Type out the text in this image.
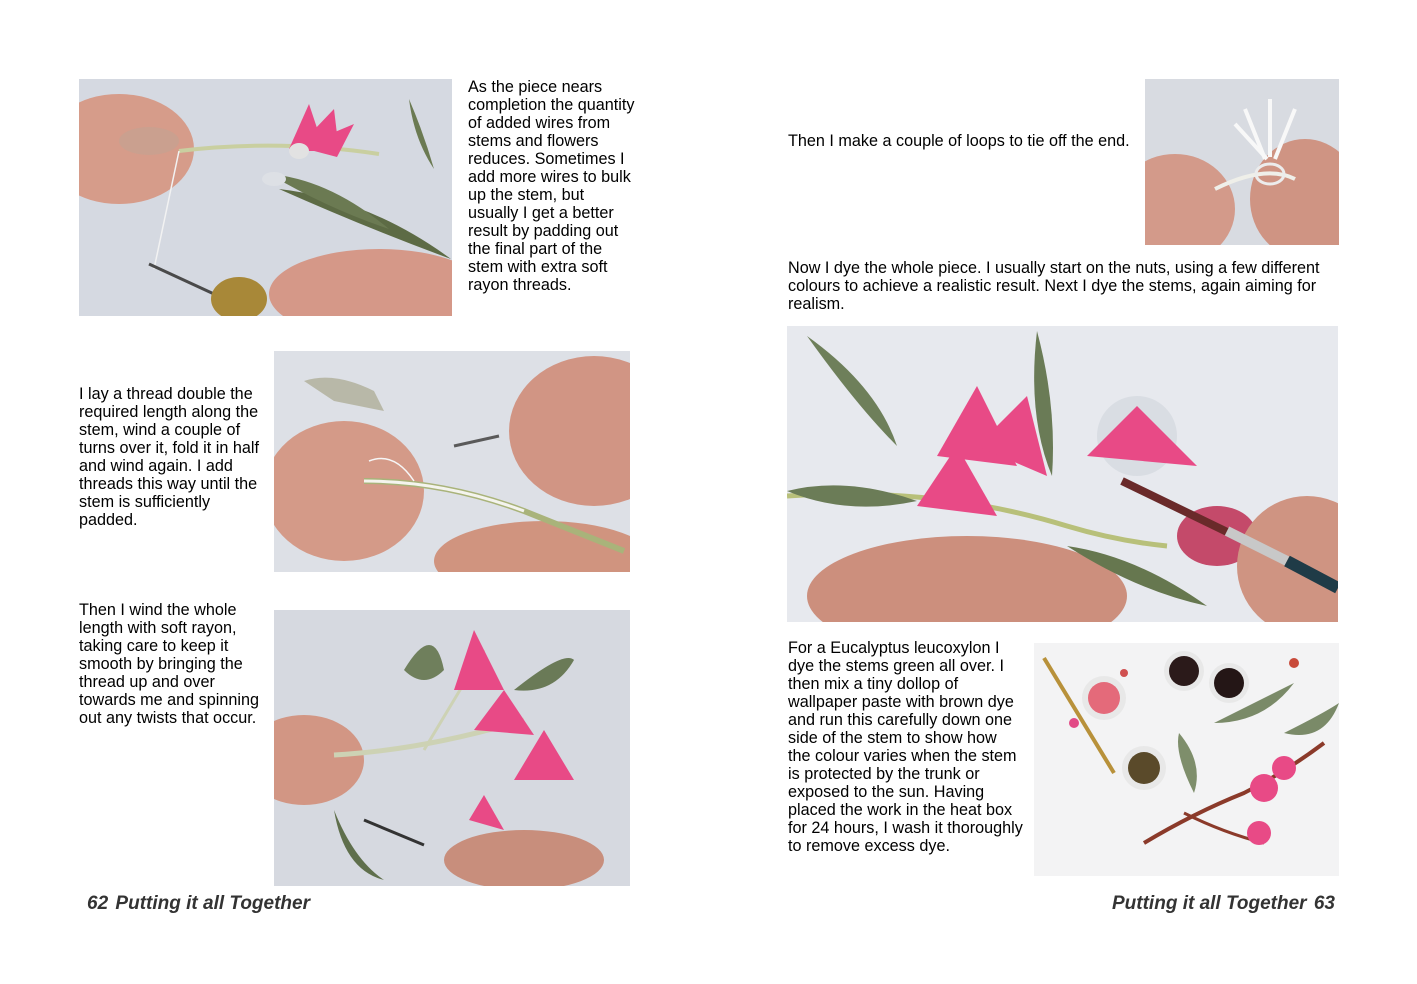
As the piece nears completion the quantity of added wires from stems and flowers reduces. Sometimes I add more wires to bulk up the stem, but usually I get a better result by padding out the final part of the stem with extra soft rayon threads.

I lay a thread double the required length along the stem, wind a couple of turns over it, fold it in half and wind again. I add threads this way until the stem is sufficiently padded.

Then I wind the whole length with soft rayon, taking care to keep it smooth by bringing the thread up and over towards me and spinning out any twists that occur.

62 Putting it all Together

Then I make a couple of loops to tie off the end.

Now I dye the whole piece. I usually start on the nuts, using a few different colours to achieve a realistic result. Next I dye the stems, again aiming for realism.

For a Eucalyptus leucoxylon I dye the stems green all over. I then mix a tiny dollop of wallpaper paste with brown dye and run this carefully down one side of the stem to show how the colour varies when the stem is protected by the trunk or exposed to the sun. Having placed the work in the heat box for 24 hours, I wash it thoroughly to remove excess dye.

Putting it all Together 63
